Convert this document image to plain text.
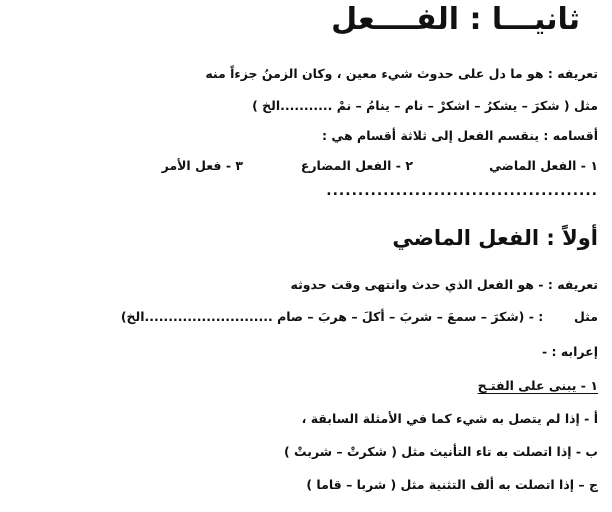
ثانيـــا : الفــــعل
تعريفه : هو ما دل على حدوث شيء معين ، وكان الزمنُ جزءاً منه
مثل ( شكرَ – يشكرُ – اشكرْ – نام – ينامُ – نمْ ...........الخ )
أقسامه : ينقسم الفعل إلى ثلاثة أقسام هي :
١ - الفعل الماضي
٢ - الفعل المضارع
٣ - فعل الأمر
...........................................
أولاً : الفعل الماضي
تعريفه : - هو الفعل الذي حدث وانتهى وقت حدوثه
مثل  : - (شكرَ – سمعَ – شربَ – أكلَ – هربَ – صام ...........................الخ)
إعرابه : -
١ - يبنى على الفتـح
أ - إذا لم يتصل به شيء كما في الأمثلة السابقة ،
ب - إذا اتصلت به تاء التأنيث مثل ( شكرتْ – شربتْ )
ج – إذا اتصلت به ألف التثنية مثل ( شربا – قاما )
